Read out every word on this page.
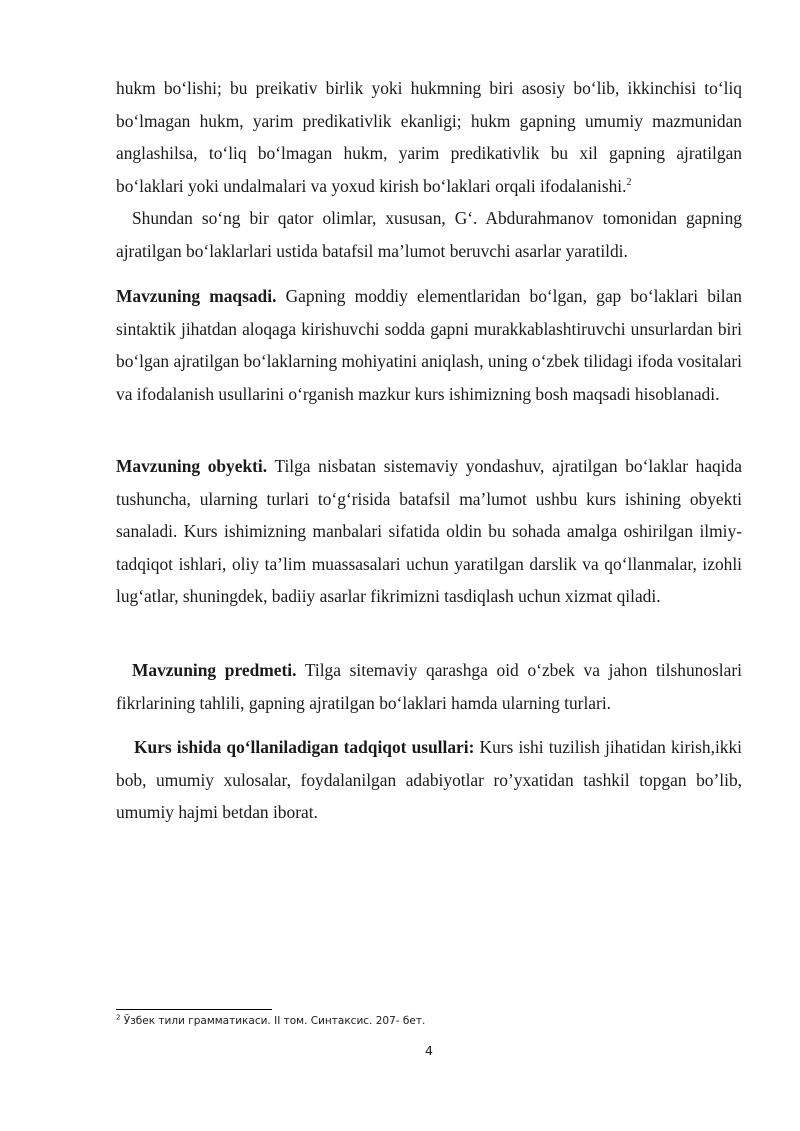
hukm boʻlishi; bu preikativ birlik yoki hukmning biri asosiy boʻlib, ikkinchisi toʻliq boʻlmagan hukm, yarim predikativlik ekanligi; hukm gapning umumiy mazmunidan anglashilsa, toʻliq boʻlmagan hukm, yarim predikativlik bu xil gapning ajratilgan boʻlaklari yoki undalmalari va yoxud kirish boʻlaklari orqali ifodalanishi.$^2$

Shundan soʻng bir qator olimlar, xususan, Gʻ. Abdurahmanov tomonidan gapning ajratilgan boʻlaklarlari ustida batafsil maʼlumot beruvchi asarlar yaratildi.

Mavzuning maqsadi. Gapning moddiy elementlaridan boʻlgan, gap boʻlaklari bilan sintaktik jihatdan aloqaga kirishuvchi sodda gapni murakkablashtiruvchi unsurlardan biri boʻlgan ajratilgan boʻlaklarning mohiyatini aniqlash, uning oʻzbek tilidagi ifoda vositalari va ifodalanish usullarini oʻrganish mazkur kurs ishimizning bosh maqsadi hisoblanadi.

Mavzuning obyekti. Tilga nisbatan sistemaviy yondashuv, ajratilgan boʻlaklar haqida tushuncha, ularning turlari toʻgʻrisida batafsil maʼlumot ushbu kurs ishining obyekti sanaladi. Kurs ishimizning manbalari sifatida oldin bu sohada amalga oshirilgan ilmiy-tadqiqot ishlari, oliy taʼlim muassasalari uchun yaratilgan darslik va qoʻllanmalar, izohli lugʻatlar, shuningdek, badiiy asarlar fikrimizni tasdiqlash uchun xizmat qiladi.

Mavzuning predmeti. Tilga sitemaviy qarashga oid oʻzbek va jahon tilshunoslari fikrlarining tahlili, gapning ajratilgan boʻlaklari hamda ularning turlari.

Kurs ishida qoʻllaniladigan tadqiqot usullari: Kurs ishi tuzilish jihatidan kirish,ikki bob, umumiy xulosalar, foydalanilgan adabiyotlar roʼyxatidan tashkil topgan boʼlib, umumiy hajmi betdan iborat.

$^2$ Ўзбек тили грамматикаси. II том. Синтаксис. 207- бет.
4
